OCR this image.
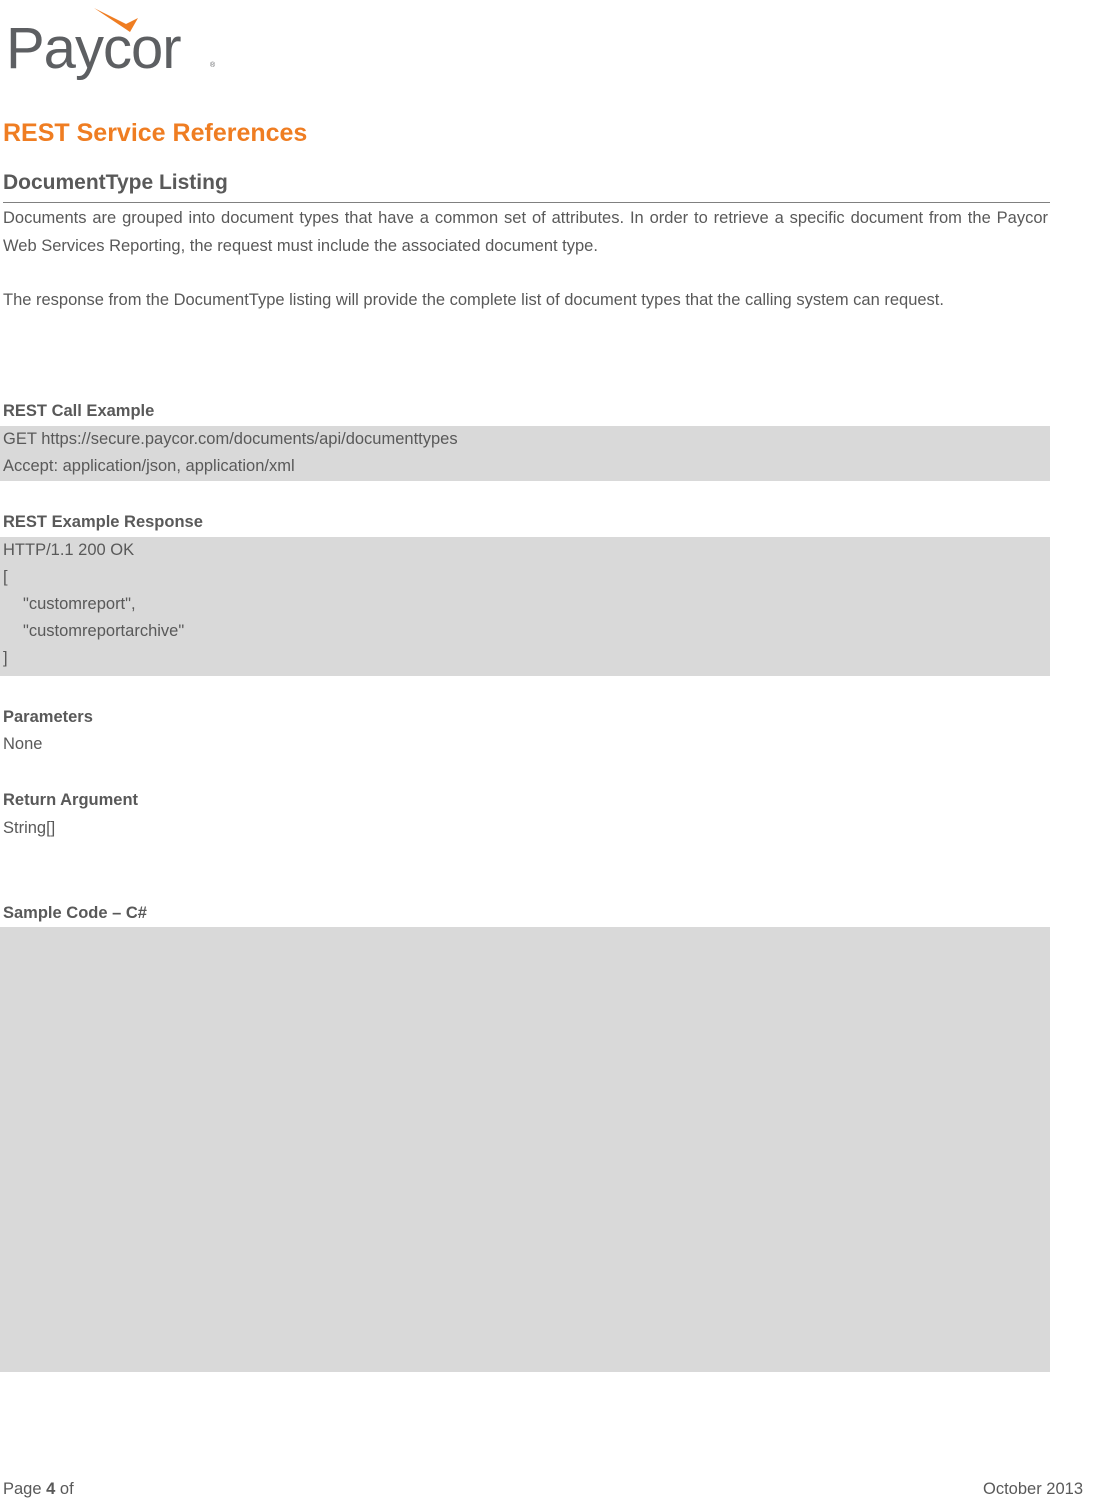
Paycor	®
REST Service References
DocumentType Listing

Documents are grouped into document types that have a common set of attributes. In order to retrieve a specific document from the Paycor Web Services Reporting, the request must include the associated document type.

The response from the DocumentType listing will provide the complete list of document types that the calling system can request.

REST Call Example
GET https://secure.paycor.com/documents/api/documenttypes
Accept: application/json, application/xml
REST Example Response
HTTP/1.1 200 OK
[
"customreport",
"customreportarchive"
]
Parameters
None
Return Argument
String[]
Sample Code – C#
Page 4 of	October 2013
